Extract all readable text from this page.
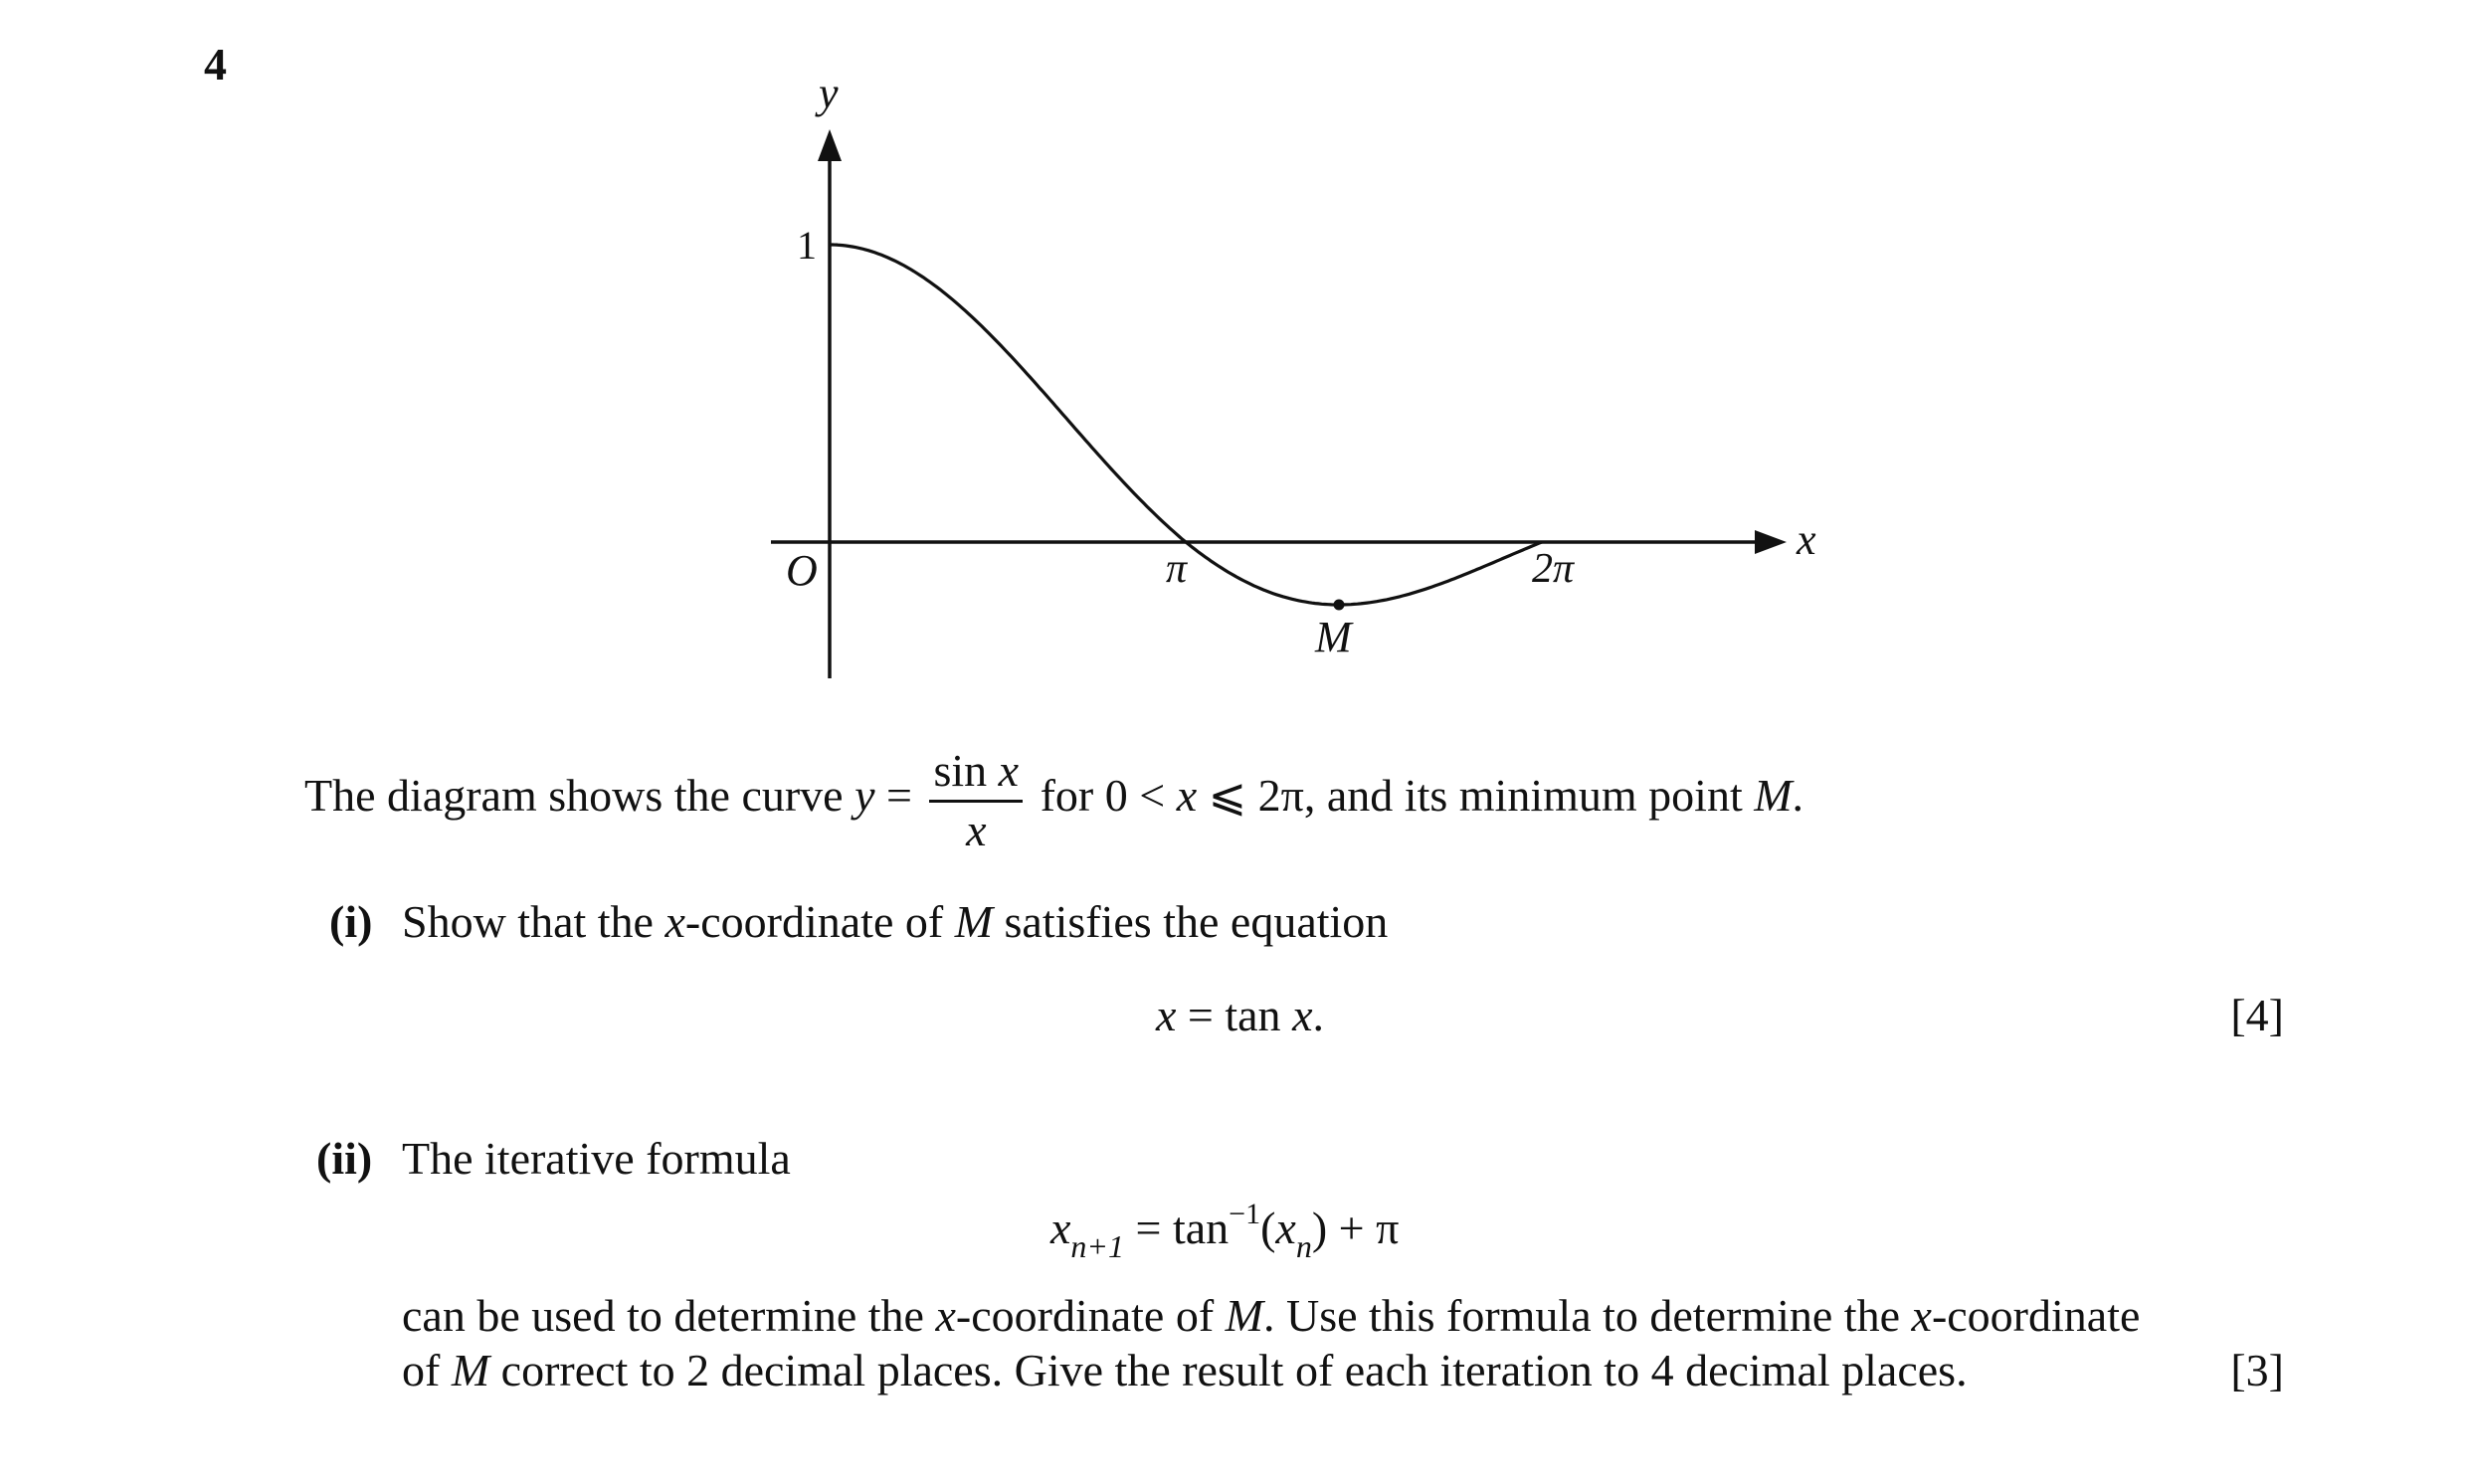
4
y
x
O
1
π	2π
M
The diagram shows the curve $y = \frac{\text{sin x}}{x}$ for 0 < x ⩽ 2π, and its minimum point M.
(i) Show that the x-coordinate of M satisfies the equation
x = tan x.	[4]
(ii) The iterative formula
$x_{n+1} = \tan^{-1}(x_n) + \pi$
can be used to determine the x-coordinate of M. Use this formula to determine the x-coordinate
of M correct to 2 decimal places. Give the result of each iteration to 4 decimal places.	[3]
